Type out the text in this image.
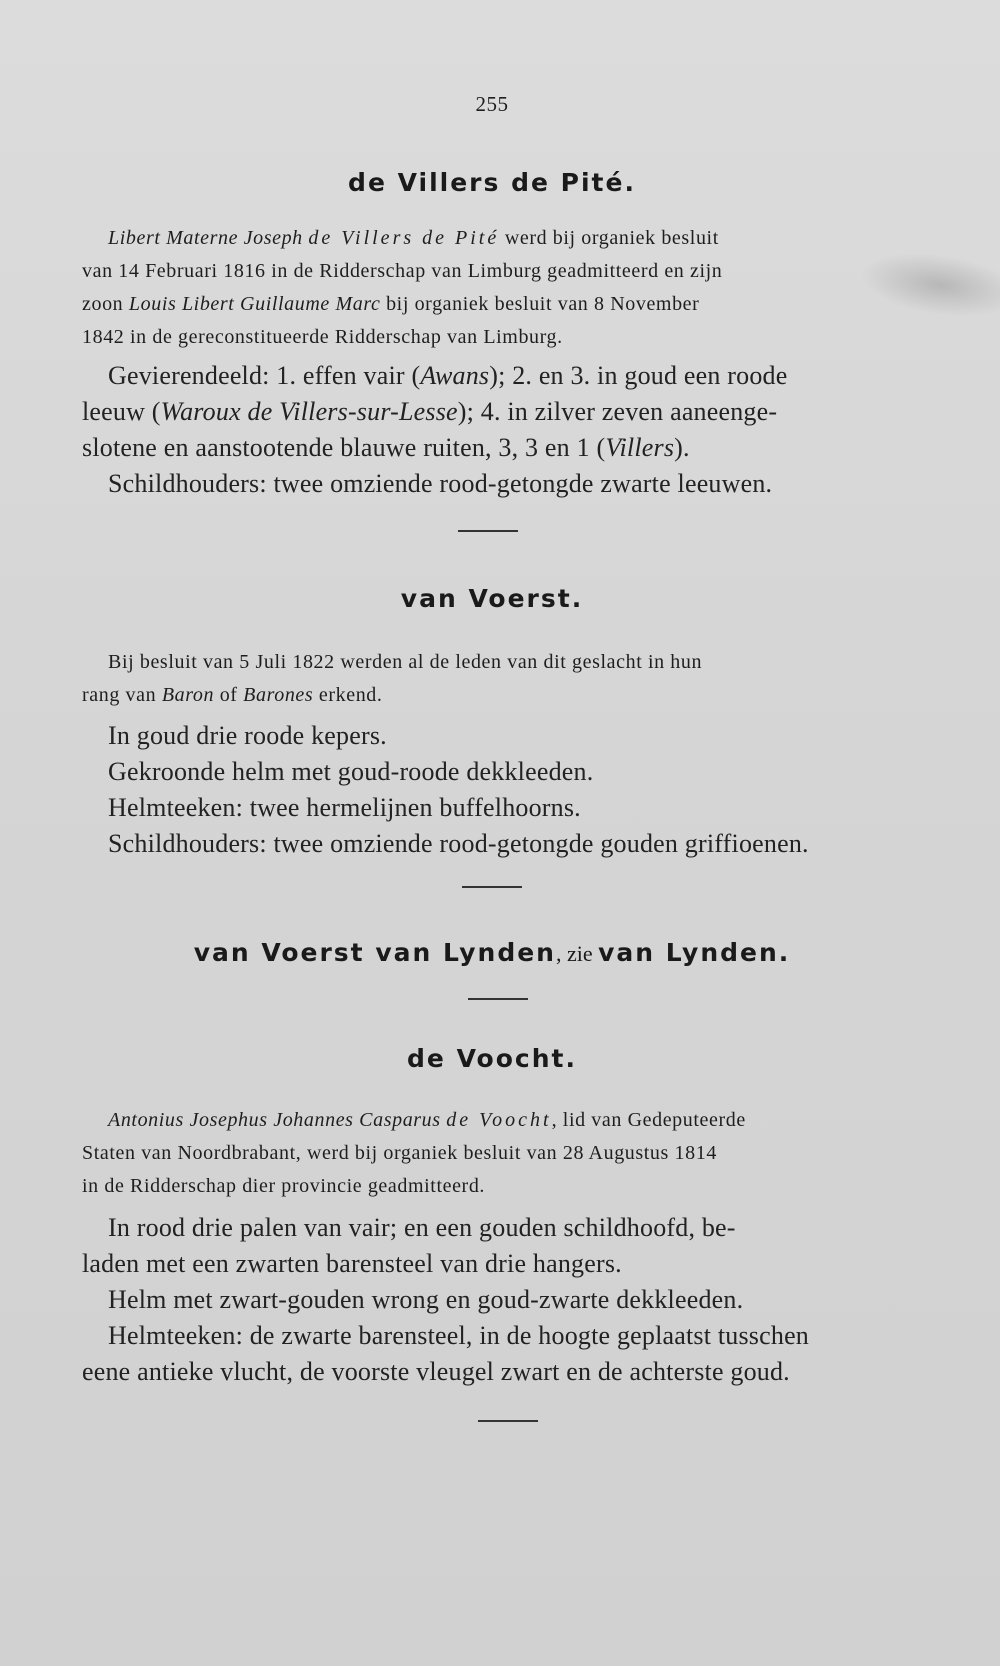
255
de Villers de Pité.
Libert Materne Joseph de Villers de Pité werd bij organiek besluit
van 14 Februari 1816 in de Ridderschap van Limburg geadmitteerd en zijn
zoon Louis Libert Guillaume Marc bij organiek besluit van 8 November
1842 in de gereconstitueerde Ridderschap van Limburg.
Gevierendeeld: 1. effen vair (Awans); 2. en 3. in goud een roode
leeuw (Waroux de Villers-sur-Lesse); 4. in zilver zeven aaneenge-
slotene en aanstootende blauwe ruiten, 3, 3 en 1 (Villers).
Schildhouders: twee omziende rood-getongde zwarte leeuwen.
van Voerst.
Bij besluit van 5 Juli 1822 werden al de leden van dit geslacht in hun
rang van Baron of Barones erkend.
In goud drie roode kepers.
Gekroonde helm met goud-roode dekkleeden.
Helmteeken: twee hermelijnen buffelhoorns.
Schildhouders: twee omziende rood-getongde gouden griffioenen.
van Voerst van Lynden, zie van Lynden.
de Voocht.
Antonius Josephus Johannes Casparus de Voocht, lid van Gedeputeerde
Staten van Noordbrabant, werd bij organiek besluit van 28 Augustus 1814
in de Ridderschap dier provincie geadmitteerd.
In rood drie palen van vair; en een gouden schildhoofd, be-
laden met een zwarten barensteel van drie hangers.
Helm met zwart-gouden wrong en goud-zwarte dekkleeden.
Helmteeken: de zwarte barensteel, in de hoogte geplaatst tusschen
eene antieke vlucht, de voorste vleugel zwart en de achterste goud.
